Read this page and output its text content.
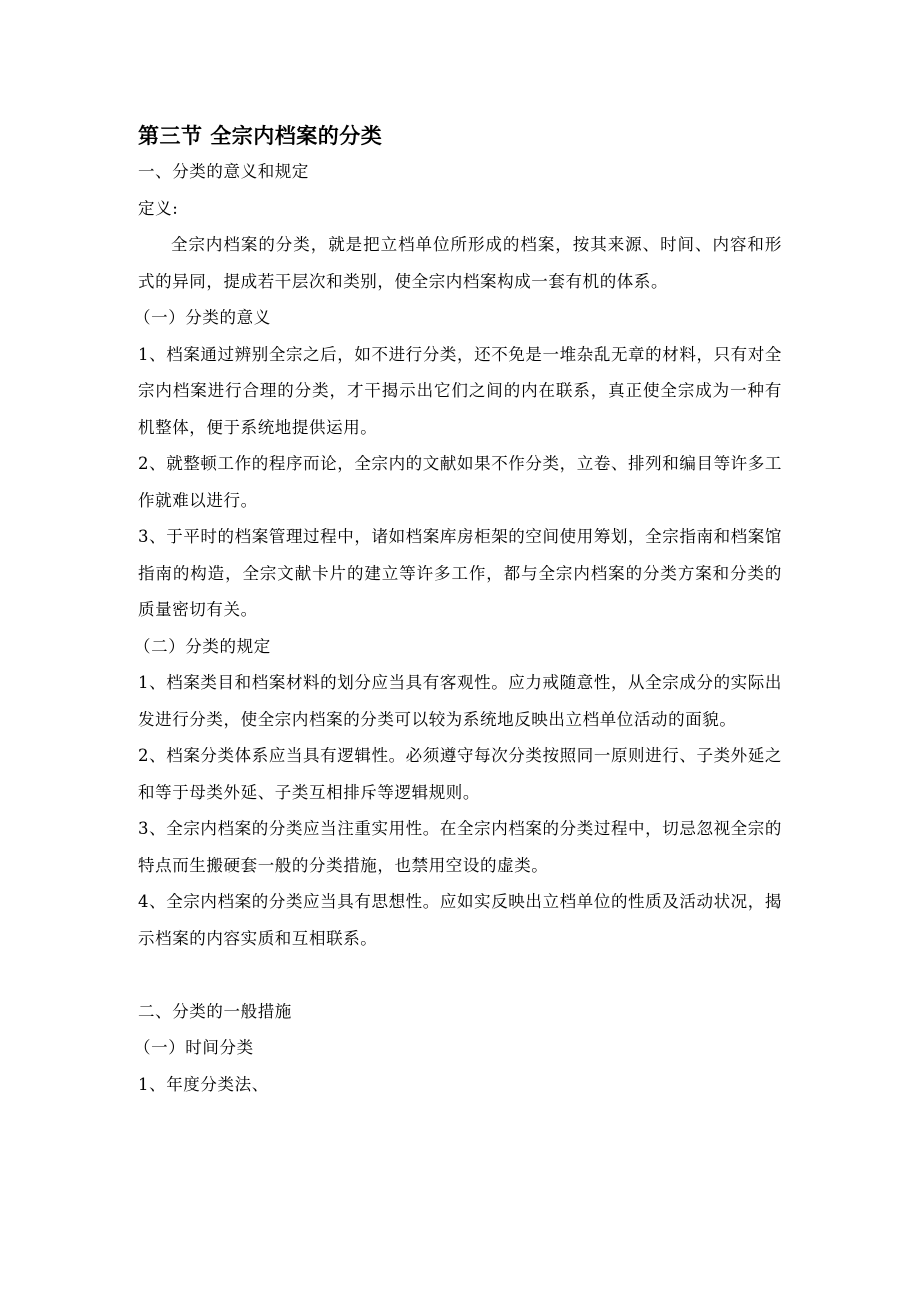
第三节 全宗内档案的分类

一、分类的意义和规定

定义:

全宗内档案的分类，就是把立档单位所形成的档案，按其来源、时间、内容和形式的异同，提成若干层次和类别，使全宗内档案构成一套有机的体系。

（一）分类的意义

1、档案通过辨别全宗之后，如不进行分类，还不免是一堆杂乱无章的材料，只有对全宗内档案进行合理的分类，才干揭示出它们之间的内在联系，真正使全宗成为一种有机整体，便于系统地提供运用。

2、就整顿工作的程序而论，全宗内的文献如果不作分类，立卷、排列和编目等许多工作就难以进行。

3、于平时的档案管理过程中，诸如档案库房柜架的空间使用筹划，全宗指南和档案馆指南的构造，全宗文献卡片的建立等许多工作，都与全宗内档案的分类方案和分类的质量密切有关。

（二）分类的规定

1、档案类目和档案材料的划分应当具有客观性。应力戒随意性，从全宗成分的实际出发进行分类，使全宗内档案的分类可以较为系统地反映出立档单位活动的面貌。

2、档案分类体系应当具有逻辑性。必须遵守每次分类按照同一原则进行、子类外延之和等于母类外延、子类互相排斥等逻辑规则。

3、全宗内档案的分类应当注重实用性。在全宗内档案的分类过程中，切忌忽视全宗的特点而生搬硬套一般的分类措施，也禁用空设的虚类。

4、全宗内档案的分类应当具有思想性。应如实反映出立档单位的性质及活动状况，揭示档案的内容实质和互相联系。

二、分类的一般措施

（一）时间分类

1、年度分类法、
